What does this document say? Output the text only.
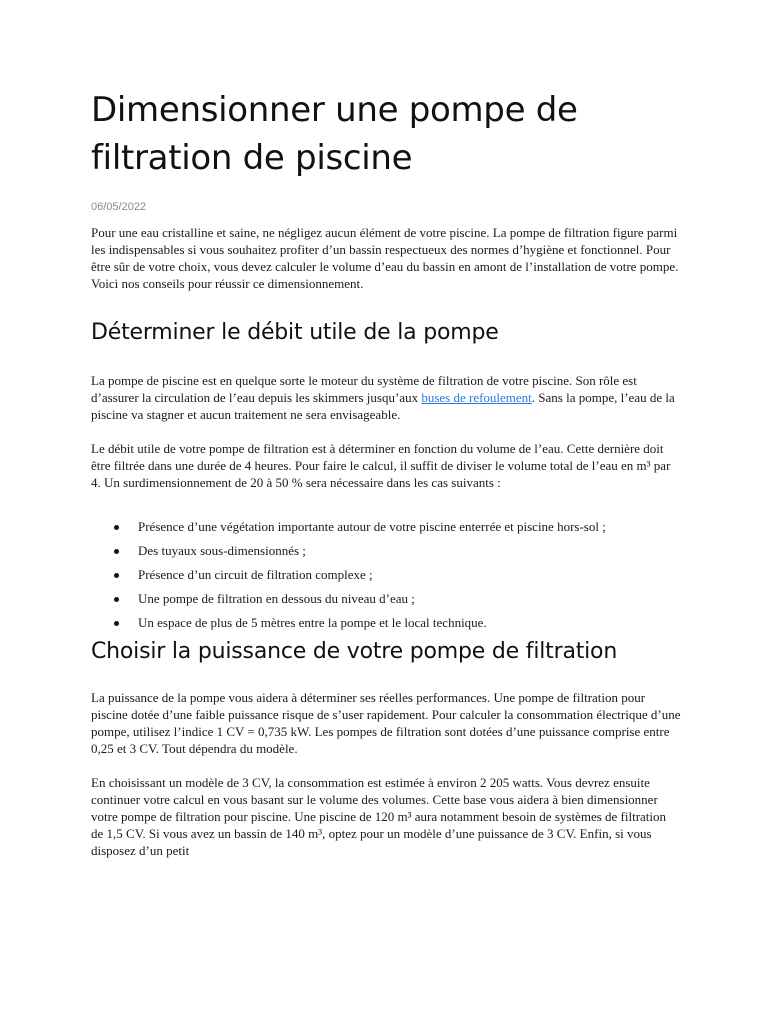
Dimensionner une pompe de filtration de piscine
06/05/2022

Pour une eau cristalline et saine, ne négligez aucun élément de votre piscine. La pompe de filtration figure parmi les indispensables si vous souhaitez profiter d’un bassin respectueux des normes d’hygiène et fonctionnel. Pour être sûr de votre choix, vous devez calculer le volume d’eau du bassin en amont de l’installation de votre pompe. Voici nos conseils pour réussir ce dimensionnement.

Déterminer le débit utile de la pompe

La pompe de piscine est en quelque sorte le moteur du système de filtration de votre piscine. Son rôle est d’assurer la circulation de l’eau depuis les skimmers jusqu’aux buses de refoulement. Sans la pompe, l’eau de la piscine va stagner et aucun traitement ne sera envisageable.

Le débit utile de votre pompe de filtration est à déterminer en fonction du volume de l’eau. Cette dernière doit être filtrée dans une durée de 4 heures. Pour faire le calcul, il suffit de diviser le volume total de l’eau en m³ par 4. Un surdimensionnement de 20 à 50 % sera nécessaire dans les cas suivants :

Présence d’une végétation importante autour de votre piscine enterrée et piscine hors-sol ;
Des tuyaux sous-dimensionnés ;
Présence d’un circuit de filtration complexe ;
Une pompe de filtration en dessous du niveau d’eau ;
Un espace de plus de 5 mètres entre la pompe et le local technique.
Choisir la puissance de votre pompe de filtration

La puissance de la pompe vous aidera à déterminer ses réelles performances. Une pompe de filtration pour piscine dotée d’une faible puissance risque de s’user rapidement. Pour calculer la consommation électrique d’une pompe, utilisez l’indice 1 CV = 0,735 kW. Les pompes de filtration sont dotées d’une puissance comprise entre 0,25 et 3 CV. Tout dépendra du modèle.

En choisissant un modèle de 3 CV, la consommation est estimée à environ 2 205 watts. Vous devrez ensuite continuer votre calcul en vous basant sur le volume des volumes. Cette base vous aidera à bien dimensionner votre pompe de filtration pour piscine. Une piscine de 120 m³ aura notamment besoin de systèmes de filtration de 1,5 CV. Si vous avez un bassin de 140 m³, optez pour un modèle d’une puissance de 3 CV. Enfin, si vous disposez d’un petit
